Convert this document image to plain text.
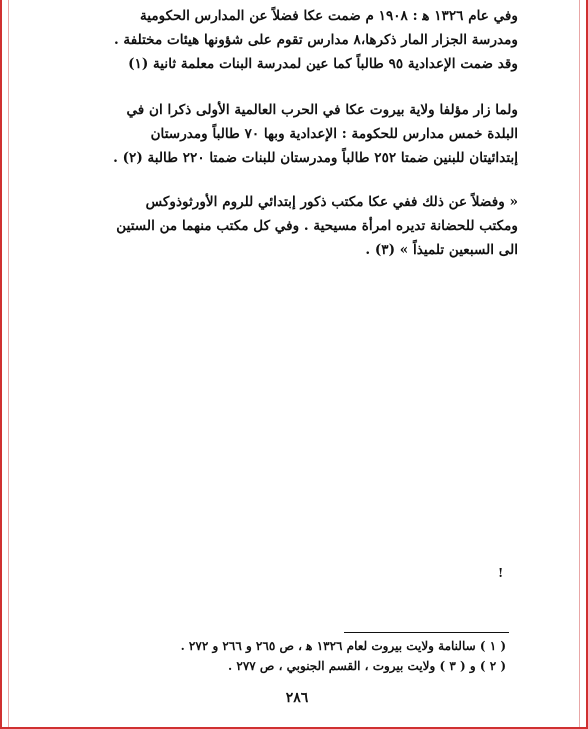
وفي عام ١٣٢٦ ه‍ : ١٩٠٨ م ضمت عكا فضلاً عن المدارس الحكومية
ومدرسة الجزار المار ذكرها،٨ مدارس تقوم على شؤونها هيئات مختلفة .
وقد ضمت الإعدادية ٩٥ طالباً كما عين لمدرسة البنات معلمة ثانية (١)
ولما زار مؤلفا ولاية بيروت عكا في الحرب العالمية الأولى ذكرا ان في
البلدة خمس مدارس للحكومة : الإعدادية وبها ٧٠ طالباً ومدرستان
إبتدائيتان للبنين ضمتا ٢٥٢ طالباً ومدرستان للبنات ضمتا ٢٢٠ طالبة (٢) .
« وفضلاً عن ذلك ففي عكا مكتب ذكور إبتدائي للروم الأورثوذوكس
ومكتب للحضانة تديره امرأة مسيحية . وفي كل مكتب منهما من الستين
الى السبعين تلميذاً » (٣) .
!
( ١ ) سالنامة ولايت بيروت لعام ١٣٢٦ ه‍ ، ص ٢٦٥ و ٢٦٦ و ٢٧٢ .
( ٢ ) و ( ٣ ) ولايت بيروت ، القسم الجنوبي ، ص ٢٧٧ .
٢٨٦
